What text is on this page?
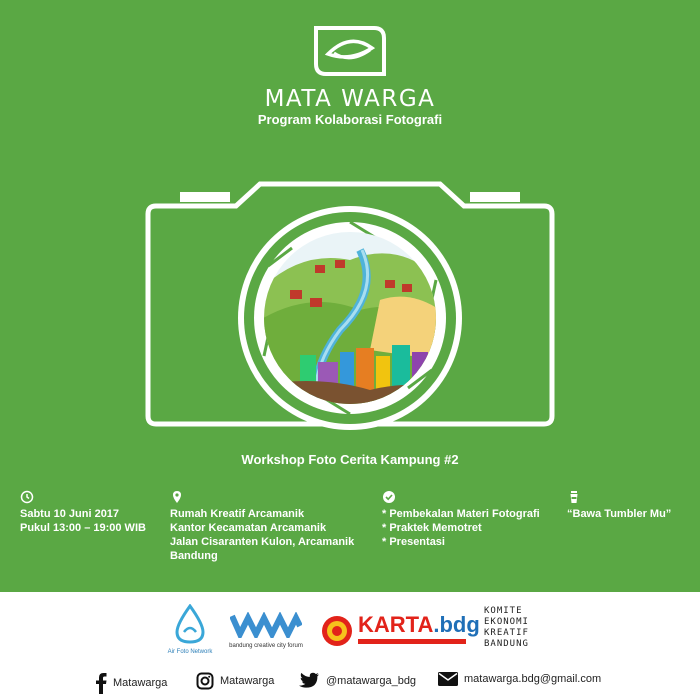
MATA WARGA
Program Kolaborasi Fotografi
Workshop Foto Cerita Kampung #2
Sabtu 10 Juni 2017
Pukul 13:00 – 19:00 WIB
Rumah Kreatif Arcamanik
Kantor Kecamatan Arcamanik
Jalan Cisaranten Kulon, Arcamanik
Bandung
* Pembekalan Materi Fotografi
* Praktek Memotret
* Presentasi
“Bawa Tumbler Mu”
Air Foto Network
bandung creative city forum
KARTA.bdg
KOMITE
EKONOMI
KREATIF
BANDUNG
Matawarga	Matawarga	@matawarga_bdg	matawarga.bdg@gmail.com
